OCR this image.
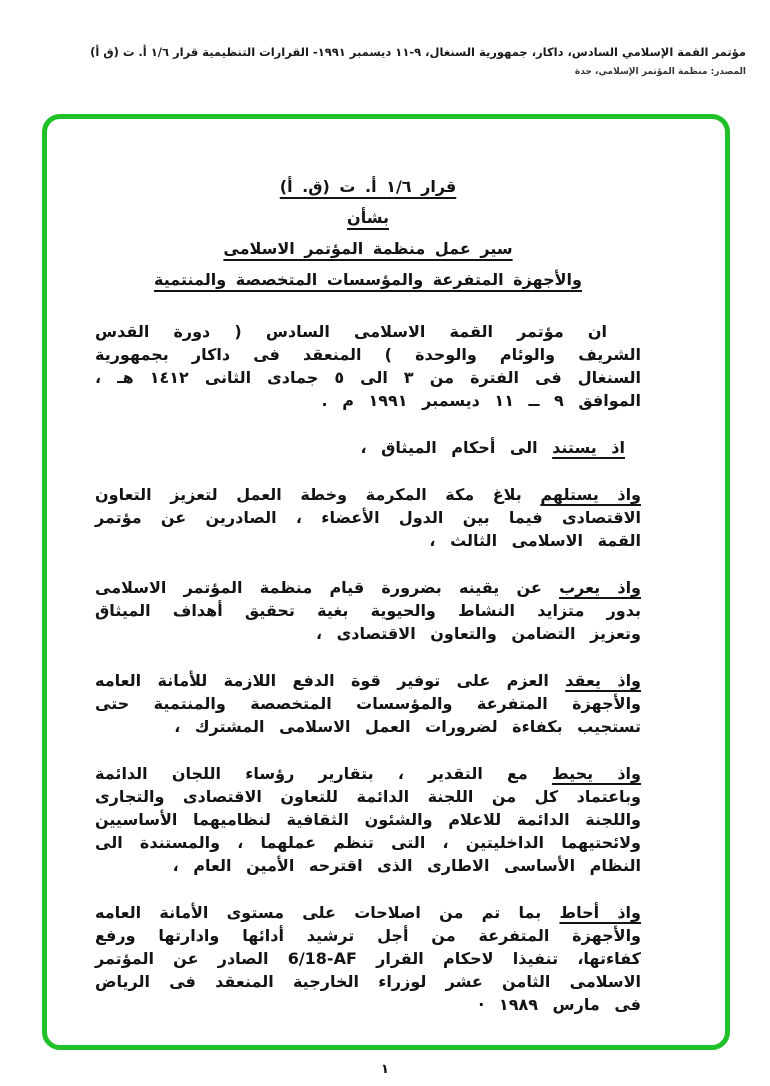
مؤتمر القمة الإسلامي السادس، داكار، جمهورية السنغال، ٩-١١ ديسمبر ١٩٩١- القرارات التنظيمية قرار ١/٦ أ. ت (ق أ)
المصدر: منظمة المؤتمر الإسلامي، جدة
قرار ١/٦ أ. ت (ق. أ)
بشأن
سير عمل منظمة المؤتمر الاسلامى
والأجهزة المتفرعة والمؤسسات المتخصصة والمنتمية

ان مؤتمر القمة الاسلامى السادس ( دورة القدس الشريف والوئام والوحدة ) المنعقد فى داكار بجمهورية السنغال فى الفترة من ٣ الى ٥ جمادى الثانى ١٤١٢ هـ ، الموافق ٩ ــ ١١ ديسمبر ١٩٩١ م .

اذ يستند الى أحكام الميثاق ،

واذ يستلهم بلاغ مكة المكرمة وخطة العمل لتعزيز التعاون الاقتصادى فيما بين الدول الأعضاء ، الصادرين عن مؤتمر القمة الاسلامى الثالث ،

واذ يعرب عن يقينه بضرورة قيام منظمة المؤتمر الاسلامى بدور متزايد النشاط والحيوية بغية تحقيق أهداف الميثاق وتعزيز التضامن والتعاون الاقتصادى ،

واذ يعقد العزم على توفير قوة الدفع اللازمة للأمانة العامه والأجهزة المتفرعة والمؤسسات المتخصصة والمنتمية حتى تستجيب بكفاءة لضرورات العمل الاسلامى المشترك ،

واذ يحيط مع التقدير ، بتقارير رؤساء اللجان الدائمة وباعتماد كل من اللجنة الدائمة للتعاون الاقتصادى والتجارى واللجنة الدائمة للاعلام والشئون الثقافية لنظاميهما الأساسيين ولائحتيهما الداخليتين ، التى تنظم عملهما ، والمستندة الى النظام الأساسى الاطارى الذى اقترحه الأمين العام ،

واذ أحاط بما تم من اصلاحات على مستوى الأمانة العامه والأجهزة المتفرعة من أجل ترشيد أدائها وادارتها ورفع كفاءتها، تنفيذا لاحكام القرار 6/18-AF الصادر عن المؤتمر الاسلامى الثامن عشر لوزراء الخارجية المنعقد فى الرياض فى مارس ١٩٨٩ ·

١
